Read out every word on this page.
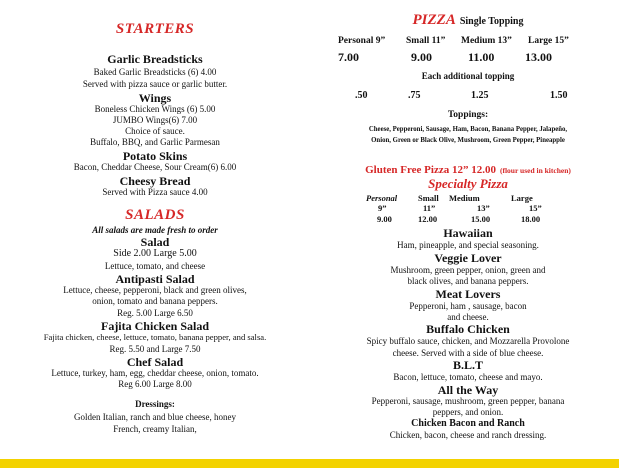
STARTERS
Garlic Breadsticks
Baked Garlic Breadsticks (6) 4.00
Served with pizza sauce or garlic butter.
Wings
Boneless Chicken Wings (6) 5.00
JUMBO Wings(6) 7.00
Choice of sauce.
Buffalo, BBQ, and Garlic Parmesan
Potato Skins
Bacon, Cheddar Cheese, Sour Cream(6) 6.00
Cheesy Bread
Served with Pizza sauce 4.00
SALADS
All salads are made fresh to order
Salad
Side 2.00 Large 5.00
Lettuce, tomato, and cheese
Antipasti Salad
Lettuce, cheese, pepperoni, black and green olives,
onion, tomato and banana peppers.
Reg. 5.00 Large 6.50
Fajita Chicken Salad
Fajita chicken, cheese, lettuce, tomato, banana pepper, and salsa.
Reg. 5.50 and Large 7.50
Chef Salad
Lettuce, turkey, ham, egg, cheddar cheese, onion, tomato.
Reg 6.00 Large 8.00
Dressings:
Golden Italian, ranch and blue cheese, honey
French, creamy Italian,
PIZZA Single Topping
Personal 9” Small 11” Medium 13” Large 15”
7.00	9.00	11.00	13.00
Each additional topping
.50	.75	1.25	1.50
Toppings:
Cheese, Pepperoni, Sausage, Ham, Bacon, Banana Pepper, Jalapeño,
Onion, Green or Black Olive, Mushroom, Green Pepper, Pineapple
Gluten Free Pizza 12” 12.00 (flour used in kitchen)
Specialty Pizza
Personal Small Medium	Large
9”	11”	13”	15”
9.00	12.00	15.00	18.00
Hawaiian
Ham, pineapple, and special seasoning.
Veggie Lover
Mushroom, green pepper, onion, green and
black olives, and banana peppers.
Meat Lovers
Pepperoni, ham , sausage, bacon
and cheese.
Buffalo Chicken
Spicy buffalo sauce, chicken, and Mozzarella Provolone
cheese. Served with a side of blue cheese.
B.L.T
Bacon, lettuce, tomato, cheese and mayo.
All the Way
Pepperoni, sausage, mushroom, green pepper, banana
peppers, and onion.
Chicken Bacon and Ranch
Chicken, bacon, cheese and ranch dressing.
